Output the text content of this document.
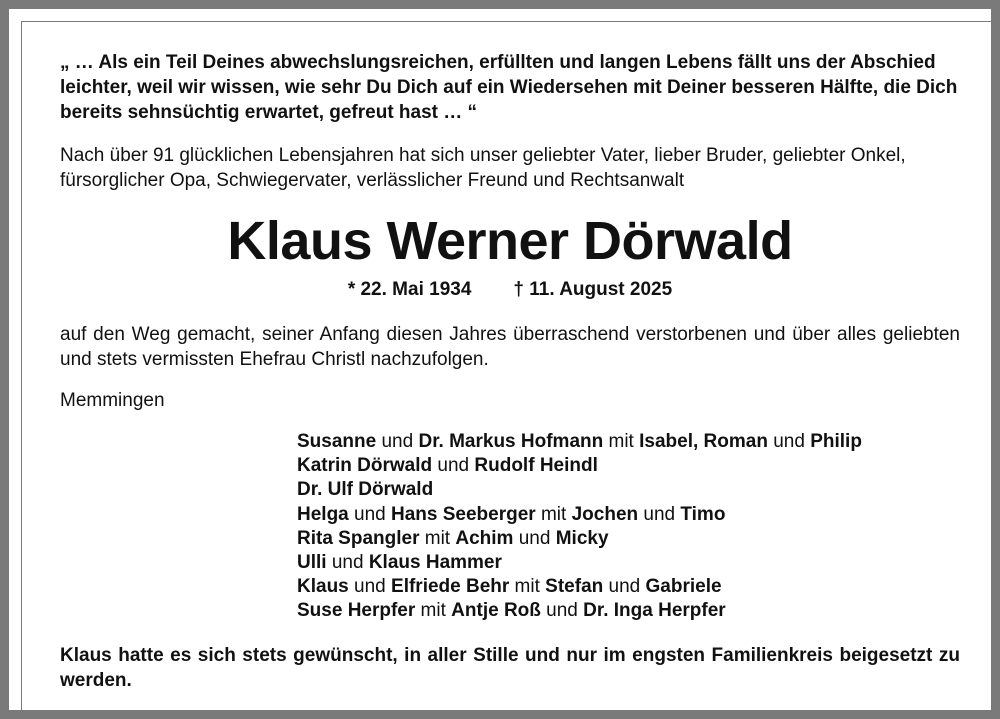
„ … Als ein Teil Deines abwechslungsreichen, erfüllten und langen Lebens fällt uns der Abschied leichter, weil wir wissen, wie sehr Du Dich auf ein Wiedersehen mit Deiner besseren Hälfte, die Dich bereits sehnsüchtig erwartet, gefreut hast … “
Nach über 91 glücklichen Lebensjahren hat sich unser geliebter Vater, lieber Bruder, geliebter Onkel, fürsorglicher Opa, Schwiegervater, verlässlicher Freund und Rechtsanwalt
Klaus Werner Dörwald
* 22. Mai 1934 † 11. August 2025
auf den Weg gemacht, seiner Anfang diesen Jahres überraschend verstorbenen und über alles geliebten und stets vermissten Ehefrau Christl nachzufolgen.
Memmingen
Susanne und Dr. Markus Hofmann mit Isabel, Roman und Philip
Katrin Dörwald und Rudolf Heindl
Dr. Ulf Dörwald
Helga und Hans Seeberger mit Jochen und Timo
Rita Spangler mit Achim und Micky
Ulli und Klaus Hammer
Klaus und Elfriede Behr mit Stefan und Gabriele
Suse Herpfer mit Antje Roß und Dr. Inga Herpfer
Klaus hatte es sich stets gewünscht, in aller Stille und nur im engsten Familienkreis beigesetzt zu werden.
